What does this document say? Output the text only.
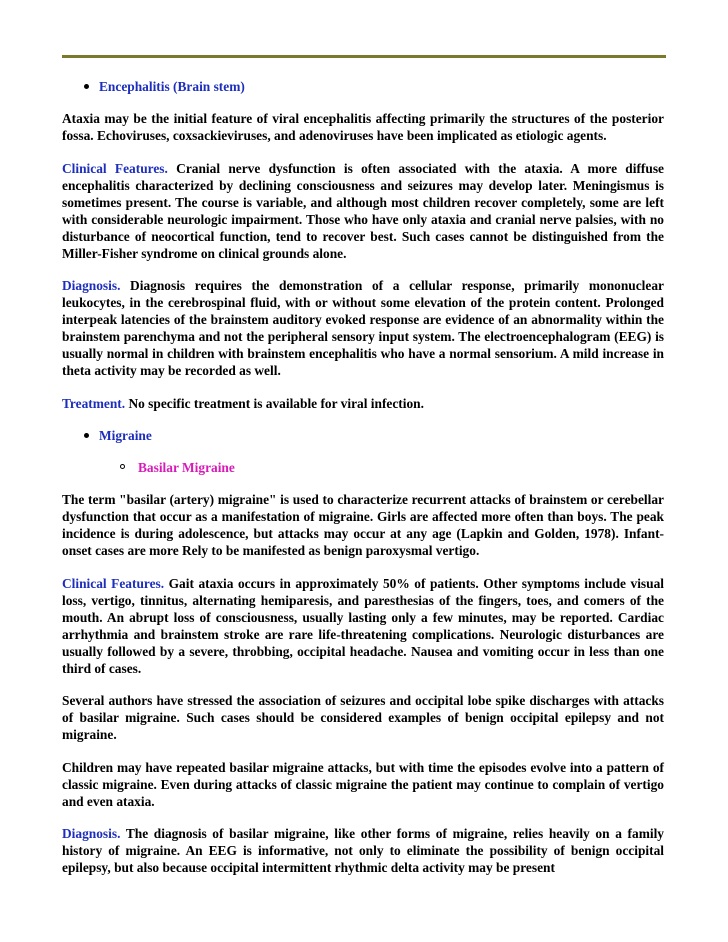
Encephalitis (Brain stem)

Ataxia may be the initial feature of viral encephalitis affecting primarily the structures of the posterior fossa. Echoviruses, coxsackieviruses, and adenoviruses have been implicated as etiologic agents.

Clinical Features. Cranial nerve dysfunction is often associated with the ataxia. A more diffuse encephalitis characterized by declining consciousness and seizures may develop later. Meningismus is sometimes present. The course is variable, and although most children recover completely, some are left with considerable neurologic impairment. Those who have only ataxia and cranial nerve palsies, with no disturbance of neocortical function, tend to recover best. Such cases cannot be distinguished from the Miller-Fisher syndrome on clinical grounds alone.

Diagnosis. Diagnosis requires the demonstration of a cellular response, primarily mononuclear leukocytes, in the cerebrospinal fluid, with or without some elevation of the protein content. Prolonged interpeak latencies of the brainstem auditory evoked response are evidence of an abnormality within the brainstem parenchyma and not the peripheral sensory input system. The electroencephalogram (EEG) is usually normal in children with brainstem encephalitis who have a normal sensorium. A mild increase in theta activity may be recorded as well.

Treatment. No specific treatment is available for viral infection.

Migraine
Basilar Migraine

The term "basilar (artery) migraine" is used to characterize recurrent attacks of brainstem or cerebellar dysfunction that occur as a manifestation of migraine. Girls are affected more often than boys. The peak incidence is during adolescence, but attacks may occur at any age (Lapkin and Golden, 1978). Infant-onset cases are more Rely to be manifested as benign paroxysmal vertigo.

Clinical Features. Gait ataxia occurs in approximately 50% of patients. Other symptoms include visual loss, vertigo, tinnitus, alternating hemiparesis, and paresthesias of the fingers, toes, and comers of the mouth. An abrupt loss of consciousness, usually lasting only a few minutes, may be reported. Cardiac arrhythmia and brainstem stroke are rare life-threatening complications. Neurologic disturbances are usually followed by a severe, throbbing, occipital headache. Nausea and vomiting occur in less than one third of cases.

Several authors have stressed the association of seizures and occipital lobe spike discharges with attacks of basilar migraine. Such cases should be considered examples of benign occipital epilepsy and not migraine.

Children may have repeated basilar migraine attacks, but with time the episodes evolve into a pattern of classic migraine. Even during attacks of classic migraine the patient may continue to complain of vertigo and even ataxia.

Diagnosis. The diagnosis of basilar migraine, like other forms of migraine, relies heavily on a family history of migraine. An EEG is informative, not only to eliminate the possibility of benign occipital epilepsy, but also because occipital intermittent rhythmic delta activity may be present
